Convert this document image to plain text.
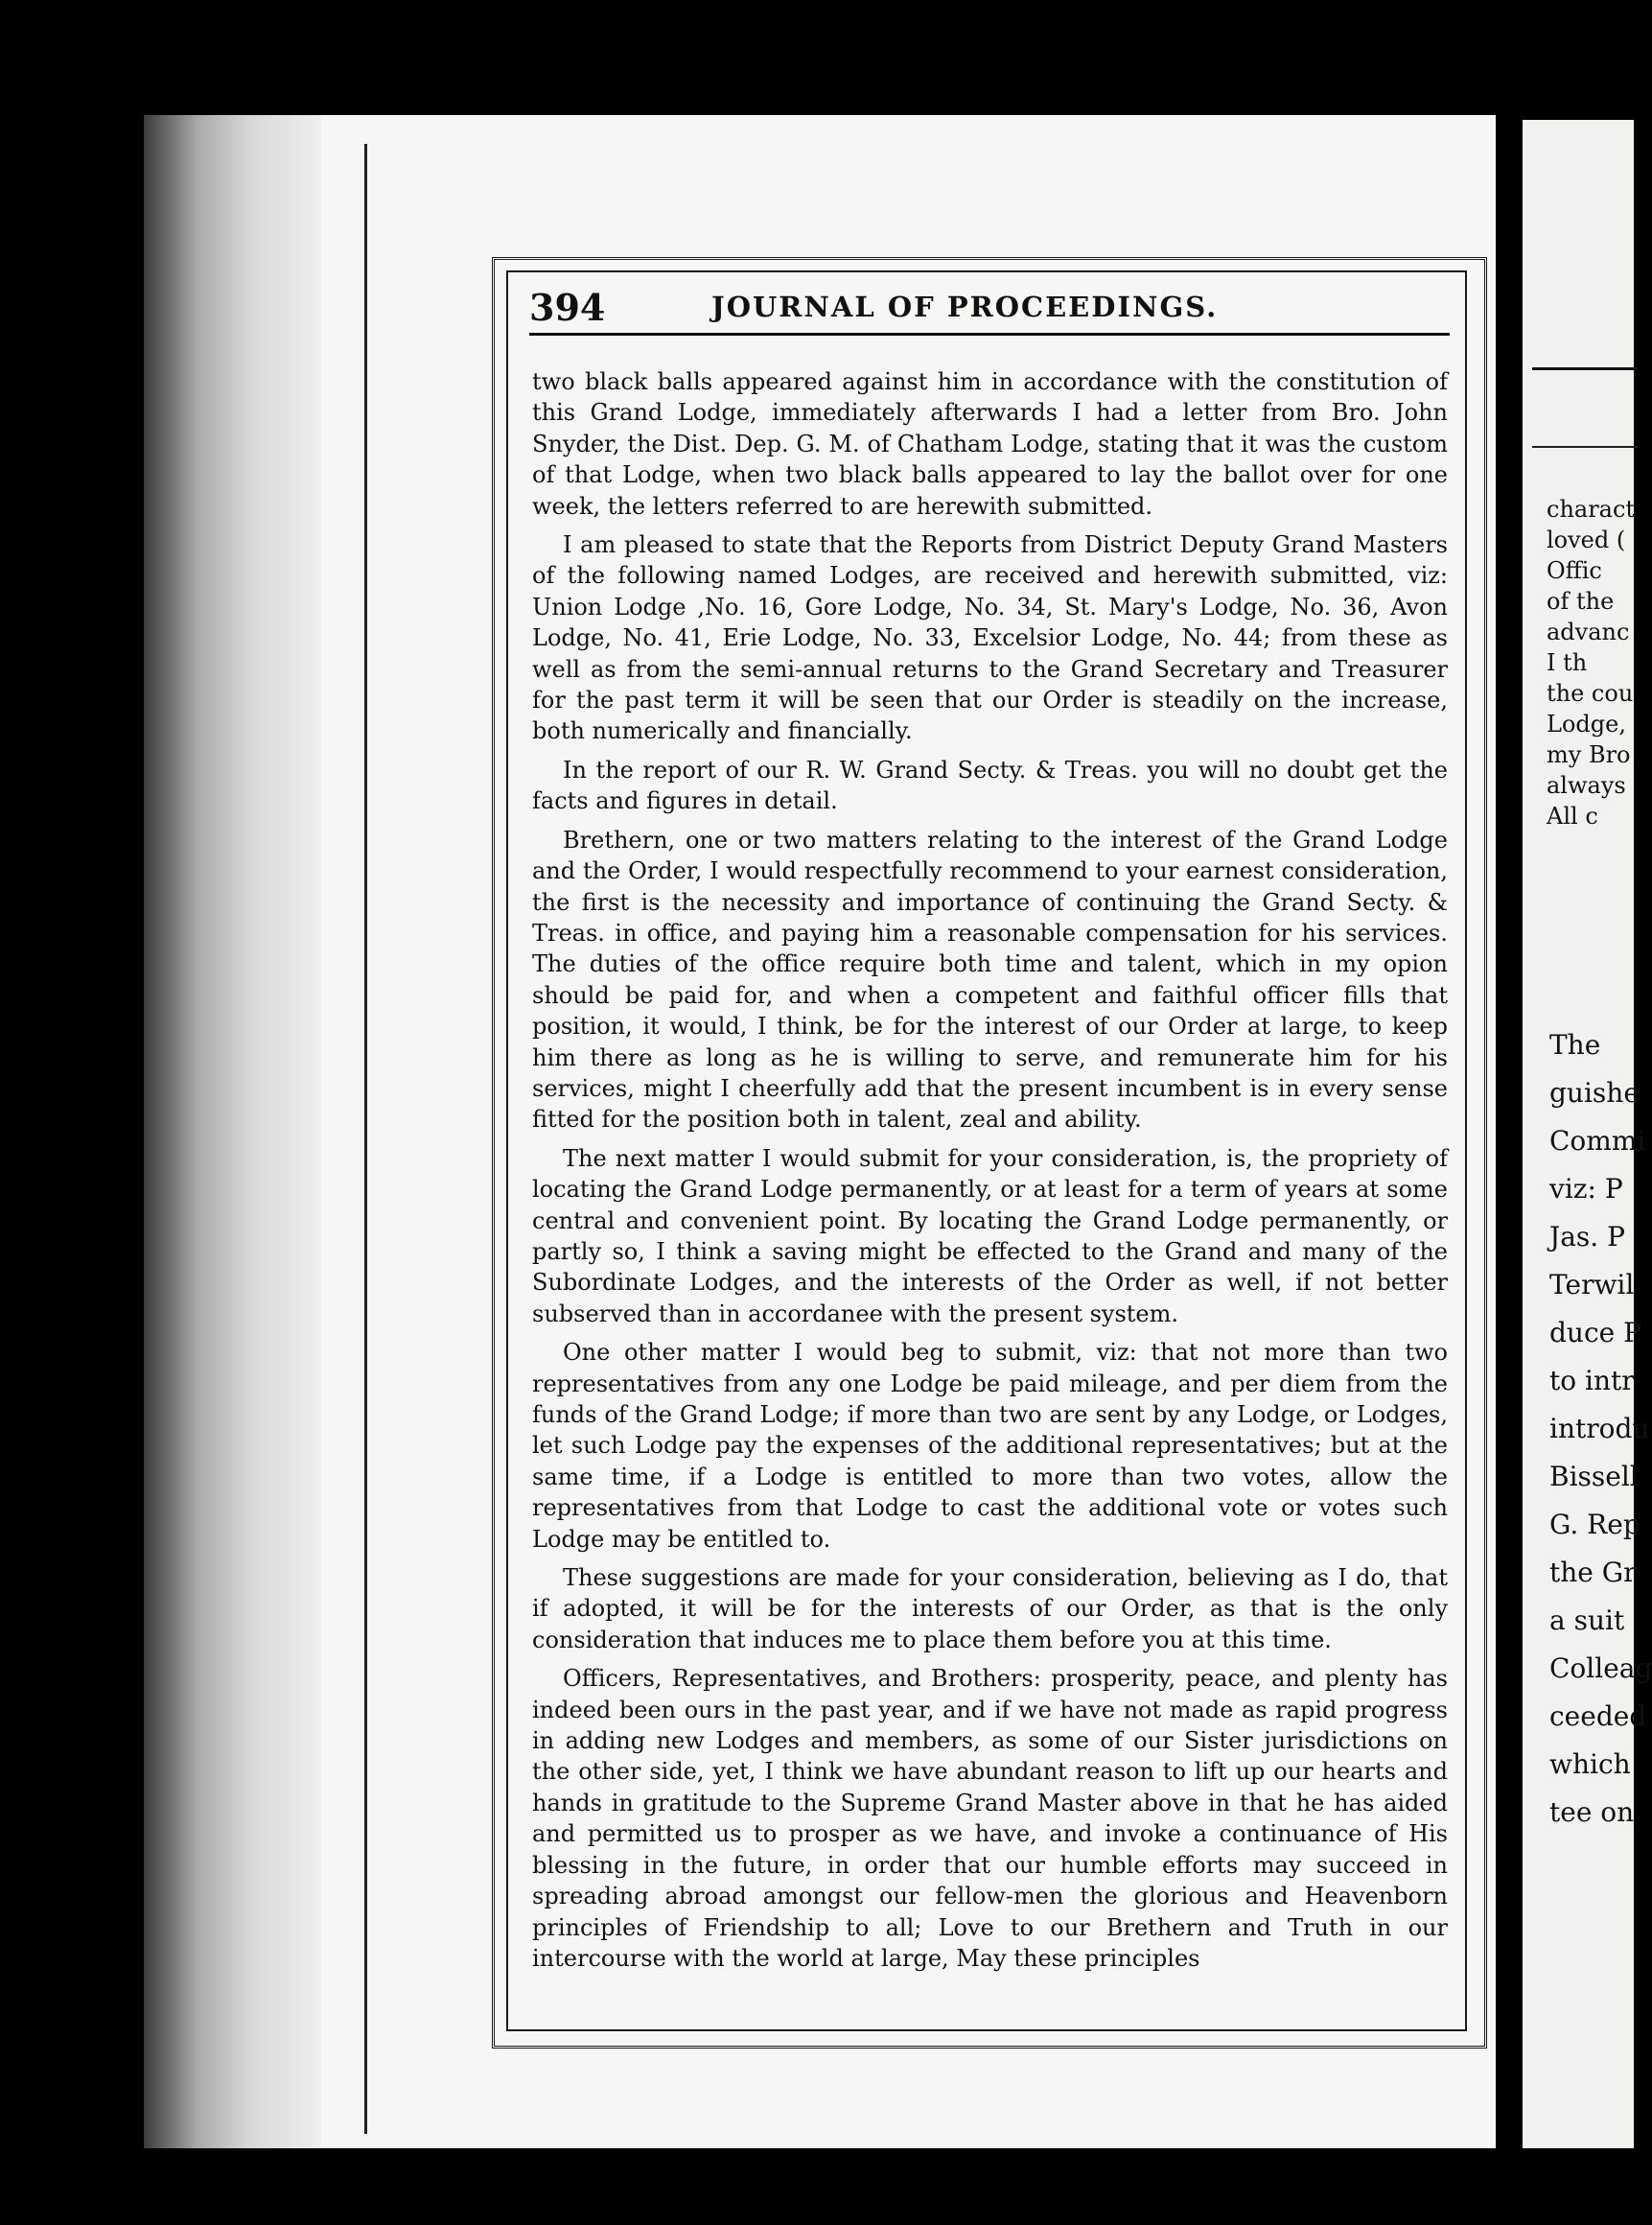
394	JOURNAL OF PROCEEDINGS.

two black balls appeared against him in accordance with the constitution of this Grand Lodge, immediately afterwards I had a letter from Bro. John Snyder, the Dist. Dep. G. M. of Chatham Lodge, stating that it was the custom of that Lodge, when two black balls appeared to lay the ballot over for one week, the letters referred to are herewith submitted.

I am pleased to state that the Reports from District Deputy Grand Masters of the following named Lodges, are received and herewith submitted, viz: Union Lodge ,No. 16, Gore Lodge, No. 34, St. Mary's Lodge, No. 36, Avon Lodge, No. 41, Erie Lodge, No. 33, Excelsior Lodge, No. 44; from these as well as from the semi-annual returns to the Grand Secretary and Treasurer for the past term it will be seen that our Order is steadily on the increase, both numerically and financially.

In the report of our R. W. Grand Secty. & Treas. you will no doubt get the facts and figures in detail.

Brethern, one or two matters relating to the interest of the Grand Lodge and the Order, I would respectfully recommend to your earnest consideration, the first is the necessity and importance of continuing the Grand Secty. & Treas. in office, and paying him a reasonable compensation for his services. The duties of the office require both time and talent, which in my opion should be paid for, and when a competent and faithful officer fills that position, it would, I think, be for the interest of our Order at large, to keep him there as long as he is willing to serve, and remunerate him for his services, might I cheerfully add that the present incumbent is in every sense fitted for the position both in talent, zeal and ability.

The next matter I would submit for your consideration, is, the propriety of locating the Grand Lodge permanently, or at least for a term of years at some central and convenient point. By locating the Grand Lodge permanently, or partly so, I think a saving might be effected to the Grand and many of the Subordinate Lodges, and the interests of the Order as well, if not better subserved than in accordanee with the present system.

One other matter I would beg to submit, viz: that not more than two representatives from any one Lodge be paid mileage, and per diem from the funds of the Grand Lodge; if more than two are sent by any Lodge, or Lodges, let such Lodge pay the expenses of the additional representatives; but at the same time, if a Lodge is entitled to more than two votes, allow the representatives from that Lodge to cast the additional vote or votes such Lodge may be entitled to.

These suggestions are made for your consideration, believing as I do, that if adopted, it will be for the interests of our Order, as that is the only consideration that induces me to place them before you at this time.

Officers, Representatives, and Brothers: prosperity, peace, and plenty has indeed been ours in the past year, and if we have not made as rapid progress in adding new Lodges and members, as some of our Sister jurisdictions on the other side, yet, I think we have abundant reason to lift up our hearts and hands in gratitude to the Supreme Grand Master above in that he has aided and permitted us to prosper as we have, and invoke a continuance of His blessing in the future, in order that our humble efforts may succeed in spreading abroad amongst our fellow-men the glorious and Heavenborn principles of Friendship to all; Love to our Brethern and Truth in our intercourse with the world at large, May these principles

charact
loved (
Offic
of the
advanc
I th
the cou
Lodge,
my Bro
always
All c
The
guishe
Commi
viz: P
Jas. P
Terwil
duce P
to intr
introdu
Bissell
G. Rep
the Gr
a suit
Colleag
ceeded
which
tee on
